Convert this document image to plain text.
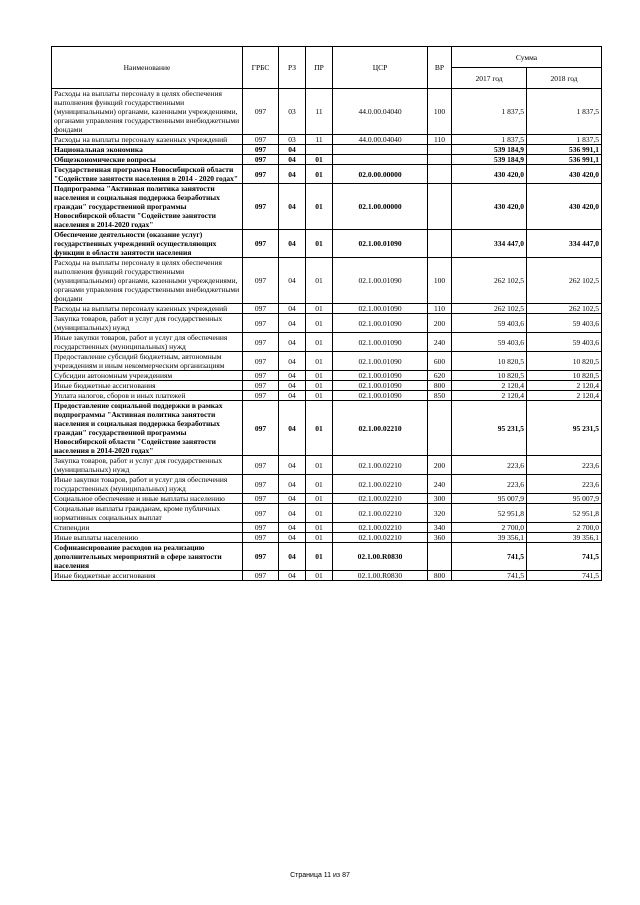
Наименование	ГРБС	РЗ	ПР	ЦСР	ВР	Сумма	
						2017 год	2018 год
Расходы на выплаты персоналу в целях обеспечения выполнения функций государственными (муниципальными) органами, казенными учреждениями, органами управления государственными внебюджетными фондами	097	03	11	44.0.00.04040	100	1 837,5	1 837,5
Расходы на выплаты персоналу казенных учреждений	097	03	11	44.0.00.04040	110	1 837,5	1 837,5
Национальная экономика	097	04				539 184,9	536 991,1
Общеэкономические вопросы	097	04	01			539 184,9	536 991,1
Государственная программа Новосибирской области "Содействие занятости населения в 2014 - 2020 годах"	097	04	01	02.0.00.00000		430 420,0	430 420,0
Подпрограмма "Активная политика занятости населения и социальная поддержка безработных граждан" государственной программы Новосибирской области "Содействие занятости населения в 2014-2020 годах"	097	04	01	02.1.00.00000		430 420,0	430 420,0
Обеспечение деятельности (оказание услуг) государственных учреждений осуществляющих функции в области занятости населения	097	04	01	02.1.00.01090		334 447,0	334 447,0
Расходы на выплаты персоналу в целях обеспечения выполнения функций государственными (муниципальными) органами, казенными учреждениями, органами управления государственными внебюджетными фондами	097	04	01	02.1.00.01090	100	262 102,5	262 102,5
Расходы на выплаты персоналу казенных учреждений	097	04	01	02.1.00.01090	110	262 102,5	262 102,5
Закупка товаров, работ и услуг для государственных (муниципальных) нужд	097	04	01	02.1.00.01090	200	59 403,6	59 403,6
Иные закупки товаров, работ и услуг для обеспечения государственных (муниципальных) нужд	097	04	01	02.1.00.01090	240	59 403,6	59 403,6
Предоставление субсидий бюджетным, автономным учреждениям и иным некоммерческим организациям	097	04	01	02.1.00.01090	600	10 820,5	10 820,5
Субсидии автономным учреждениям	097	04	01	02.1.00.01090	620	10 820,5	10 820,5
Иные бюджетные ассигнования	097	04	01	02.1.00.01090	800	2 120,4	2 120,4
Уплата налогов, сборов и иных платежей	097	04	01	02.1.00.01090	850	2 120,4	2 120,4
Предоставление социальной поддержки в рамках подпрограммы "Активная политика занятости населения и социальная поддержка безработных граждан" государственной программы Новосибирской области "Содействие занятости населения в 2014-2020 годах"	097	04	01	02.1.00.02210		95 231,5	95 231,5
Закупка товаров, работ и услуг для государственных (муниципальных) нужд	097	04	01	02.1.00.02210	200	223,6	223,6
Иные закупки товаров, работ и услуг для обеспечения государственных (муниципальных) нужд	097	04	01	02.1.00.02210	240	223,6	223,6
Социальное обеспечение и иные выплаты населению	097	04	01	02.1.00.02210	300	95 007,9	95 007,9
Социальные выплаты гражданам, кроме публичных нормативных социальных выплат	097	04	01	02.1.00.02210	320	52 951,8	52 951,8
Стипендии	097	04	01	02.1.00.02210	340	2 700,0	2 700,0
Иные выплаты населению	097	04	01	02.1.00.02210	360	39 356,1	39 356,1
Софинансирование расходов на реализацию дополнительных мероприятий в сфере занятости населения	097	04	01	02.1.00.R0830		741,5	741,5
Иные бюджетные ассигнования	097	04	01	02.1.00.R0830	800	741,5	741,5
Страница 11 из 87
